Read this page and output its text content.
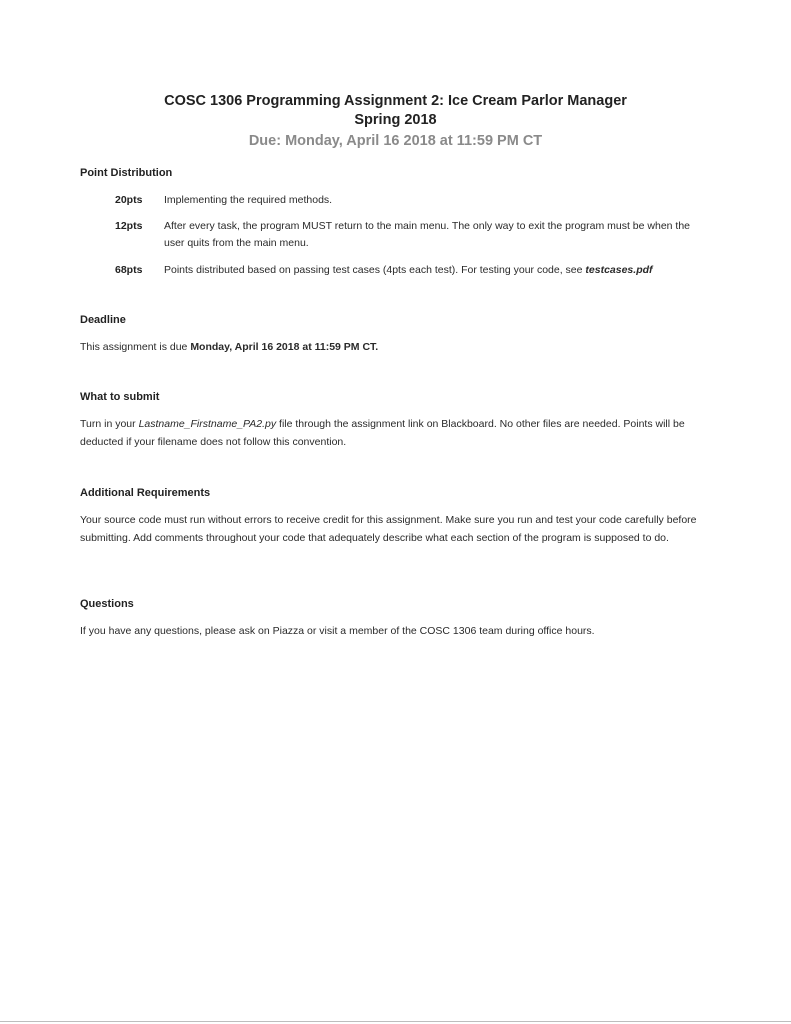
COSC 1306 Programming Assignment 2: Ice Cream Parlor Manager
Spring 2018
Due: Monday, April 16 2018 at 11:59 PM CT
Point Distribution
20pts	Implementing the required methods.
12pts	After every task, the program MUST return to the main menu. The only way to exit the program must be when the user quits from the main menu.
68pts	Points distributed based on passing test cases (4pts each test). For testing your code, see testcases.pdf
Deadline
This assignment is due Monday, April 16 2018 at 11:59 PM CT.
What to submit
Turn in your Lastname_Firstname_PA2.py file through the assignment link on Blackboard. No other files are needed. Points will be deducted if your filename does not follow this convention.
Additional Requirements
Your source code must run without errors to receive credit for this assignment. Make sure you run and test your code carefully before submitting. Add comments throughout your code that adequately describe what each section of the program is supposed to do.
Questions
If you have any questions, please ask on Piazza or visit a member of the COSC 1306 team during office hours.
